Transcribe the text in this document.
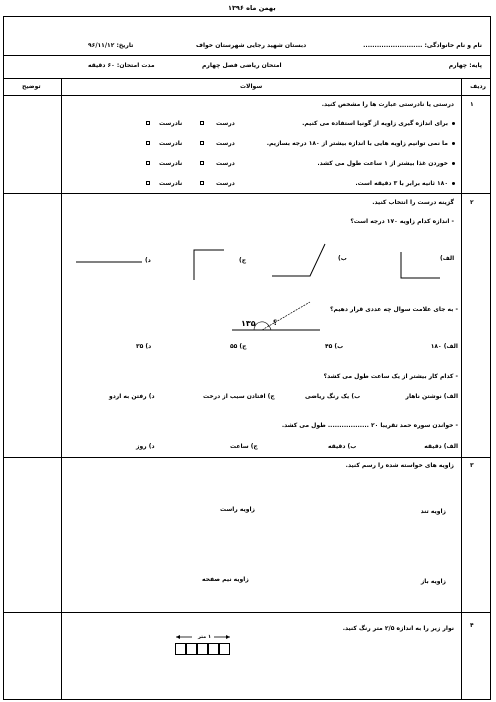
بهمن ماه ۱۳۹۶
نام و نام خانوادگی: ..........................
دبستان شهید رجایی شهرستان خواف
تاریخ: ۹۶/۱۱/۱۲
پایه: چهارم
امتحان ریاضی فصل چهارم
مدت امتحان: ۶۰ دقیقه
ردیف
سوالات
توضیح
۱
درستی یا نادرستی عبارت ها را مشخص کنید.
برای اندازه گیری زاویه از گونیا استفاده می کنیم.
درست
نادرست
ما نمی توانیم زاویه هایی با اندازه بیشتر از ۱۸۰ درجه بسازیم.
درست
نادرست
خوردن غذا بیشتر از ۱ ساعت طول می کشد.
درست
نادرست
۱۸۰ ثانیه برابر با ۳ دقیقه است.
درست
نادرست
۲
گزینه درست را انتخاب کنید.
- اندازه کدام زاویه ۱۷۰ درجه است؟
الف)
ب)
ج)
د)
- به جای علامت سوال چه عددی قرار دهیم؟
۱۳۵ ؟
الف) ۱۸۰
ب) ۴۵
ج) ۵۵
د) ۳۵
- کدام کار بیشتر از یک ساعت طول می کشد؟
الف) نوشتن ناهار
ب) یک رنگ ریاضی
ج) افتادن سیب از درخت
د) رفتن به اردو
- خواندن سوره حمد تقریبا ۲۰ .................. طول می کشد.
الف) دقیقه
ب) دقیقه
ج) ساعت
د) روز
۳
زاویه های خواسته شده را رسم کنید.
زاویه تند
زاویه راست
زاویه باز
زاویه نیم صفحه
۴
نوار زیر را به اندازه ۲/۵ متر رنگ کنید.
۱ متر
